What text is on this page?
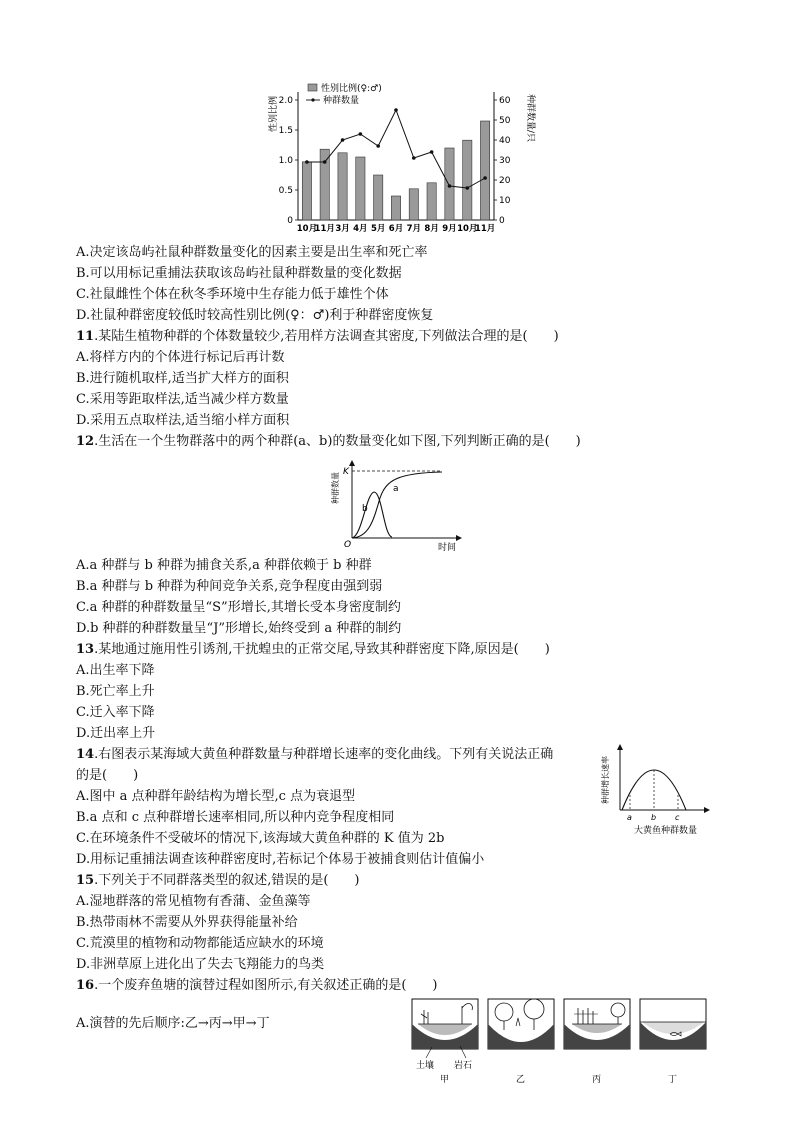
0
0.5
1.0
1.5
2.0
0
10
20
30
40
50
60
10月
11月 3月 4月 5月 6月 7月 8月 9月 10月
11月
性别比例(♀:♂)
种群数量
性别比例	种群数量/只
A.决定该岛屿社鼠种群数量变化的因素主要是出生率和死亡率
B.可以用标记重捕法获取该岛屿社鼠种群数量的变化数据
C.社鼠雌性个体在秋冬季环境中生存能力低于雄性个体
D.社鼠种群密度较低时较高性别比例(♀：♂)利于种群密度恢复
11.某陆生植物种群的个体数量较少,若用样方法调查其密度,下列做法合理的是(　　)
A.将样方内的个体进行标记后再计数
B.进行随机取样,适当扩大样方的面积
C.采用等距取样法,适当减少样方数量
D.采用五点取样法,适当缩小样方面积
12.生活在一个生物群落中的两个种群(a、b)的数量变化如下图,下列判断正确的是(　　)
K
O
种群数量
时间
a
b
A.a 种群与 b 种群为捕食关系,a 种群依赖于 b 种群
B.a 种群与 b 种群为种间竞争关系,竞争程度由强到弱
C.a 种群的种群数量呈“S”形增长,其增长受本身密度制约
D.b 种群的种群数量呈“J”形增长,始终受到 a 种群的制约
13.某地通过施用性引诱剂,干扰蝗虫的正常交尾,导致其种群密度下降,原因是(　　)
A.出生率下降
B.死亡率上升
C.迁入率下降
D.迁出率上升
14.右图表示某海域大黄鱼种群数量与种群增长速率的变化曲线。下列有关说法正确
的是(　　)	种群增长速率
a b c
大黄鱼种群数量
A.图中 a 点种群年龄结构为增长型,c 点为衰退型
B.a 点和 c 点种群增长速率相同,所以种内竞争程度相同
C.在环境条件不受破坏的情况下,该海域大黄鱼种群的 K 值为 2b
D.用标记重捕法调查该种群密度时,若标记个体易于被捕食则估计值偏小
15.下列关于不同群落类型的叙述,错误的是(　　)
A.湿地群落的常见植物有香蒲、金鱼藻等
B.热带雨林不需要从外界获得能量补给
C.荒漠里的植物和动物都能适应缺水的环境
D.非洲草原上进化出了失去飞翔能力的鸟类
16.一个废弃鱼塘的演替过程如图所示,有关叙述正确的是(　　)
A.演替的先后顺序:乙→丙→甲→丁
土壤 岩石
甲	乙	丙	丁
